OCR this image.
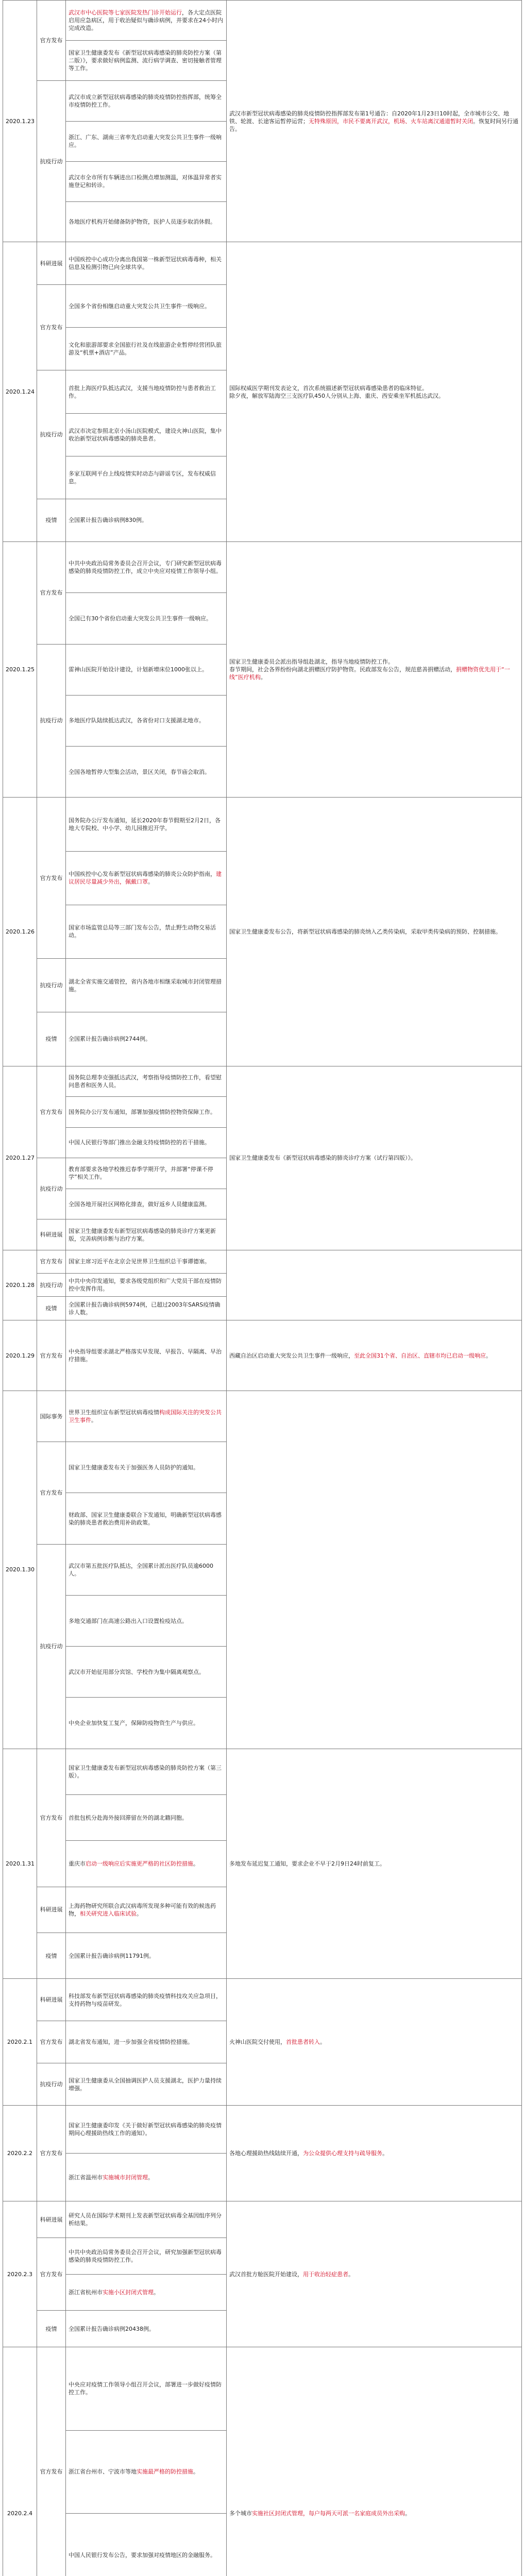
2020.1.23	官方发布	武汉市中心医院等七家医院发热门诊开始运行，各大定点医院启用应急病区，用于收治疑似与确诊病例，并要求在24小时内完成改造。	武汉市新型冠状病毒感染的肺炎疫情防控指挥部发布第1号通告：自2020年1月23日10时起，全市城市公交、地铁、轮渡、长途客运暂停运营；无特殊原因，市民不要离开武汉，机场、火车站离汉通道暂时关闭。恢复时间另行通告。

		国家卫生健康委发布《新型冠状病毒感染的肺炎防控方案（第二版）》，要求做好病例监测、流行病学调查、密切接触者管理等工作。	
	抗疫行动	武汉市成立新型冠状病毒感染的肺炎疫情防控指挥部，统筹全市疫情防控工作。	
		浙江、广东、湖南三省率先启动重大突发公共卫生事件一级响应。	
		武汉市全市所有车辆进出口检测点增加测温，对体温异常者实施登记和转诊。	
		各地医疗机构开始储备防护物资，医护人员逐步取消休假。	
2020.1.24	科研进展	中国疾控中心成功分离出我国第一株新型冠状病毒毒种，相关信息及检测引物已向全球共享。	国际权威医学期刊发表论文，首次系统描述新型冠状病毒感染患者的临床特征。
除夕夜，解放军陆海空三支医疗队450人分别从上海、重庆、西安乘坐军机抵达武汉。

	官方发布	全国多个省份相继启动重大突发公共卫生事件一级响应。	
		文化和旅游部要求全国旅行社及在线旅游企业暂停经营团队旅游及“机票+酒店”产品。	
	抗疫行动	首批上海医疗队抵达武汉，支援当地疫情防控与患者救治工作。	
		武汉市决定参照北京小汤山医院模式，建设火神山医院，集中收治新型冠状病毒感染的肺炎患者。	
		多家互联网平台上线疫情实时动态与辟谣专区，发布权威信息。	
	疫情	全国累计报告确诊病例830例。	
2020.1.25	官方发布	中共中央政治局常务委员会召开会议，专门研究新型冠状病毒感染的肺炎疫情防控工作，成立中央应对疫情工作领导小组。	国家卫生健康委员会派出指导组赴湖北，指导当地疫情防控工作。
春节期间，社会各界纷纷向湖北捐赠医疗防护物资。民政部发布公告，规范慈善捐赠活动，捐赠物资优先用于“一线”医疗机构。

		全国已有30个省份启动重大突发公共卫生事件一级响应。	
	抗疫行动	雷神山医院开始设计建设，计划新增床位1000张以上。	
		多地医疗队陆续抵达武汉，各省份对口支援湖北地市。	
		全国各地暂停大型集会活动，景区关闭，春节庙会取消。	
2020.1.26	官方发布	国务院办公厅发布通知，延长2020年春节假期至2月2日，各地大专院校、中小学、幼儿园推迟开学。	国家卫生健康委发布公告，将新型冠状病毒感染的肺炎纳入乙类传染病，采取甲类传染病的预防、控制措施。

		中国疾控中心发布新型冠状病毒感染的肺炎公众防护指南，建议居民尽量减少外出，佩戴口罩。	
		国家市场监管总局等三部门发布公告，禁止野生动物交易活动。	
	抗疫行动	湖北全省实施交通管控，省内各地市相继采取城市封闭管理措施。	
	疫情	全国累计报告确诊病例2744例。	
2020.1.27	官方发布	国务院总理李克强抵达武汉，考察指导疫情防控工作，看望慰问患者和医务人员。	国家卫生健康委发布《新型冠状病毒感染的肺炎诊疗方案（试行第四版）》。

		国务院办公厅发布通知，部署加强疫情防控物资保障工作。	
		中国人民银行等部门推出金融支持疫情防控的若干措施。	
	抗疫行动	教育部要求各地学校推迟春季学期开学，并部署“停课不停学”相关工作。	
		全国各地开展社区网格化排查，做好返乡人员健康监测。	
	科研进展	国家卫生健康委发布新型冠状病毒感染的肺炎诊疗方案更新版，完善病例诊断与治疗方案。	
2020.1.28	官方发布	国家主席习近平在北京会见世界卫生组织总干事谭德塞。	
	抗疫行动	中共中央印发通知，要求各级党组织和广大党员干部在疫情防控中发挥作用。	
	疫情	全国累计报告确诊病例5974例，已超过2003年SARS疫情确诊人数。	
2020.1.29	官方发布	中央指导组要求湖北严格落实早发现、早报告、早隔离、早治疗措施。	西藏自治区启动重大突发公共卫生事件一级响应，至此全国31个省、自治区、直辖市均已启动一级响应。

2020.1.30	国际事务	世界卫生组织宣布新型冠状病毒疫情构成国际关注的突发公共卫生事件。	
	官方发布	国家卫生健康委发布关于加强医务人员防护的通知。	
		财政部、国家卫生健康委联合下发通知，明确新型冠状病毒感染的肺炎患者救治费用补助政策。	
	抗疫行动	武汉市第五批医疗队抵达，全国累计派出医疗队员逾6000人。	
		多地交通部门在高速公路出入口设置检疫站点。	
		武汉市开始征用部分宾馆、学校作为集中隔离观察点。	
		中央企业加快复工复产，保障防疫物资生产与供应。	
2020.1.31	官方发布	国家卫生健康委发布新型冠状病毒感染的肺炎防控方案（第三版）。	多地发布延迟复工通知，要求企业不早于2月9日24时前复工。

		首批包机分赴海外接回滞留在外的湖北籍同胞。	
		重庆市启动一级响应后实施更严格的社区防控措施。	
	科研进展	上海药物研究所联合武汉病毒所发现多种可能有效的候选药物，相关研究进入临床试验。	
	疫情	全国累计报告确诊病例11791例。	
2020.2.1	科研进展	科技部发布新型冠状病毒感染的肺炎疫情科技攻关应急项目，支持药物与疫苗研发。	火神山医院交付使用，首批患者转入。

	官方发布	湖北省发布通知，进一步加强全省疫情防控措施。	
	抗疫行动	国家卫生健康委从全国抽调医护人员支援湖北，医护力量持续增强。	
2020.2.2	官方发布	国家卫生健康委印发《关于做好新型冠状病毒感染的肺炎疫情期间心理援助热线工作的通知》。	各地心理援助热线陆续开通，为公众提供心理支持与疏导服务。

		浙江省温州市实施城市封闭管理。	
2020.2.3	科研进展	研究人员在国际学术期刊上发表新型冠状病毒全基因组序列分析结果。	武汉首批方舱医院开始建设，用于收治轻症患者。

	官方发布	中共中央政治局常务委员会召开会议，研究加强新型冠状病毒感染的肺炎疫情防控工作。	
		浙江省杭州市实施小区封闭式管理。	
	疫情	全国累计报告确诊病例20438例。	
2020.2.4	官方发布	中央应对疫情工作领导小组召开会议，部署进一步做好疫情防控工作。	多个城市实施社区封闭式管理，每户每两天可派一名家庭成员外出采购。

		浙江省台州市、宁波市等地实施最严格的防控措施。	
		中国人民银行发布公告，要求加强对疫情地区的金融服务。	
